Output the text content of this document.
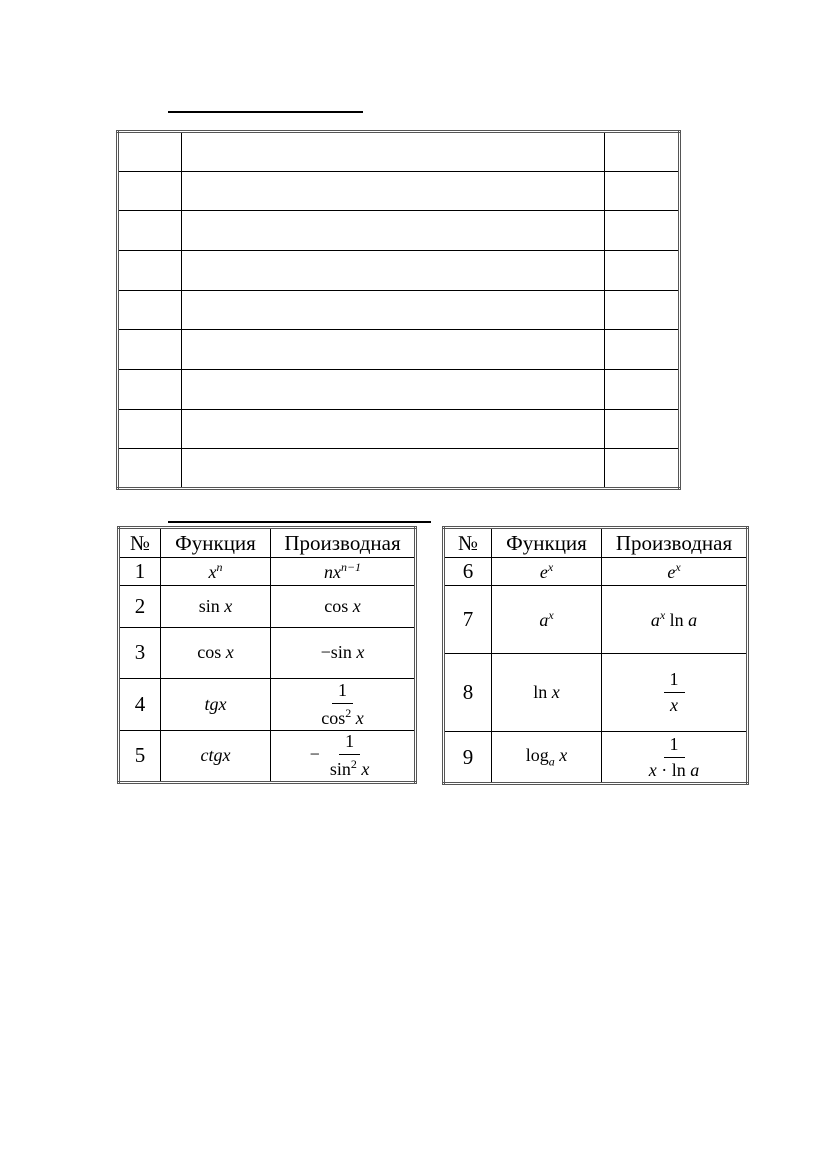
№	Функция	Производная
1	$x^n$	$nx^{n-1}$
2	sin x	cos x
3	cos x	−sin x
4	tgx	$\frac{1}{\cos^2 x}$

5	ctgx	− $\frac{1}{\sin^2 x}$
№	Функция	Производная
6	$e^x$	$e^x$
7	$a^x$	$a^x$ ln a
8	ln x	$\frac{1}{x}$

9	$\log_a x$	$\frac{1}{\text{x · ln a}}$
